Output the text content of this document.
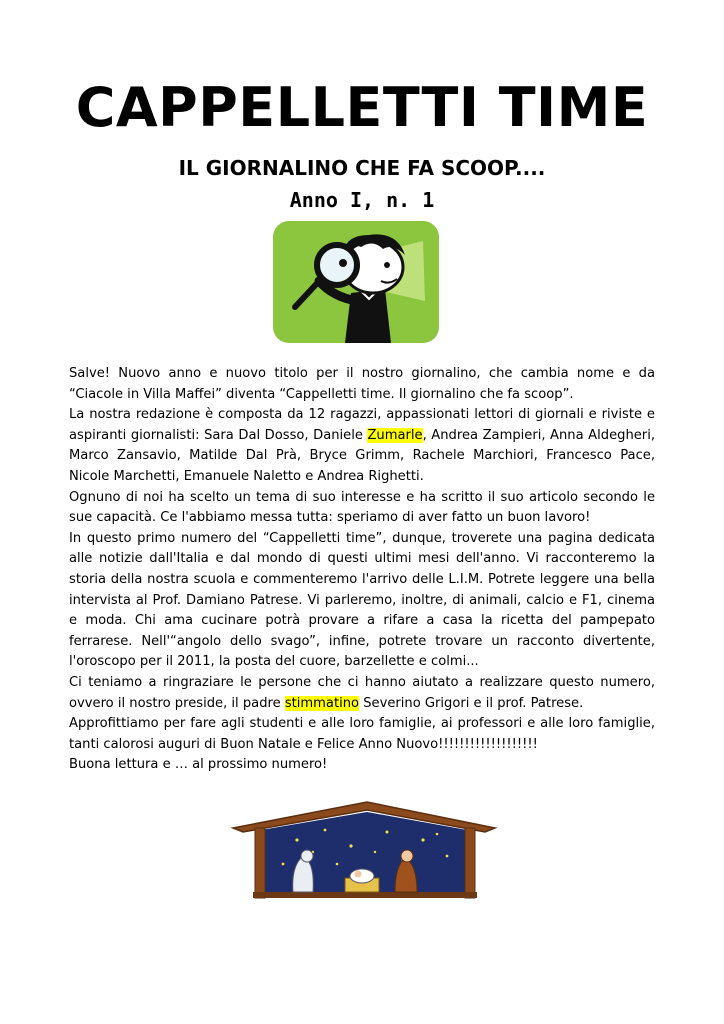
CAPPELLETTI TIME
IL GIORNALINO CHE FA SCOOP....
Anno I, n. 1

Salve! Nuovo anno e nuovo titolo per il nostro giornalino, che cambia nome e da “Ciacole in Villa Maffei” diventa “Cappelletti time. Il giornalino che fa scoop”.

La nostra redazione è composta da 12 ragazzi, appassionati lettori di giornali e riviste e aspiranti giornalisti: Sara Dal Dosso, Daniele Zumarle, Andrea Zampieri, Anna Aldegheri, Marco Zansavio, Matilde Dal Prà, Bryce Grimm, Rachele Marchiori, Francesco Pace, Nicole Marchetti, Emanuele Naletto e Andrea Righetti.

Ognuno di noi ha scelto un tema di suo interesse e ha scritto il suo articolo secondo le sue capacità. Ce l'abbiamo messa tutta: speriamo di aver fatto un buon lavoro!

In questo primo numero del “Cappelletti time”, dunque, troverete una pagina dedicata alle notizie dall'Italia e dal mondo di questi ultimi mesi dell'anno. Vi racconteremo la storia della nostra scuola e commenteremo l'arrivo delle L.I.M. Potrete leggere una bella intervista al Prof. Damiano Patrese. Vi parleremo, inoltre, di animali, calcio e F1, cinema e moda. Chi ama cucinare potrà provare a rifare a casa la ricetta del pampepato ferrarese. Nell'“angolo dello svago”, infine, potrete trovare un racconto divertente, l'oroscopo per il 2011, la posta del cuore, barzellette e colmi...

Ci teniamo a ringraziare le persone che ci hanno aiutato a realizzare questo numero, ovvero il nostro preside, il padre stimmatino Severino Grigori e il prof. Patrese.

Approfittiamo per fare agli studenti e alle loro famiglie, ai professori e alle loro famiglie, tanti calorosi auguri di Buon Natale e Felice Anno Nuovo!!!!!!!!!!!!!!!!!!!

Buona lettura e … al prossimo numero!
